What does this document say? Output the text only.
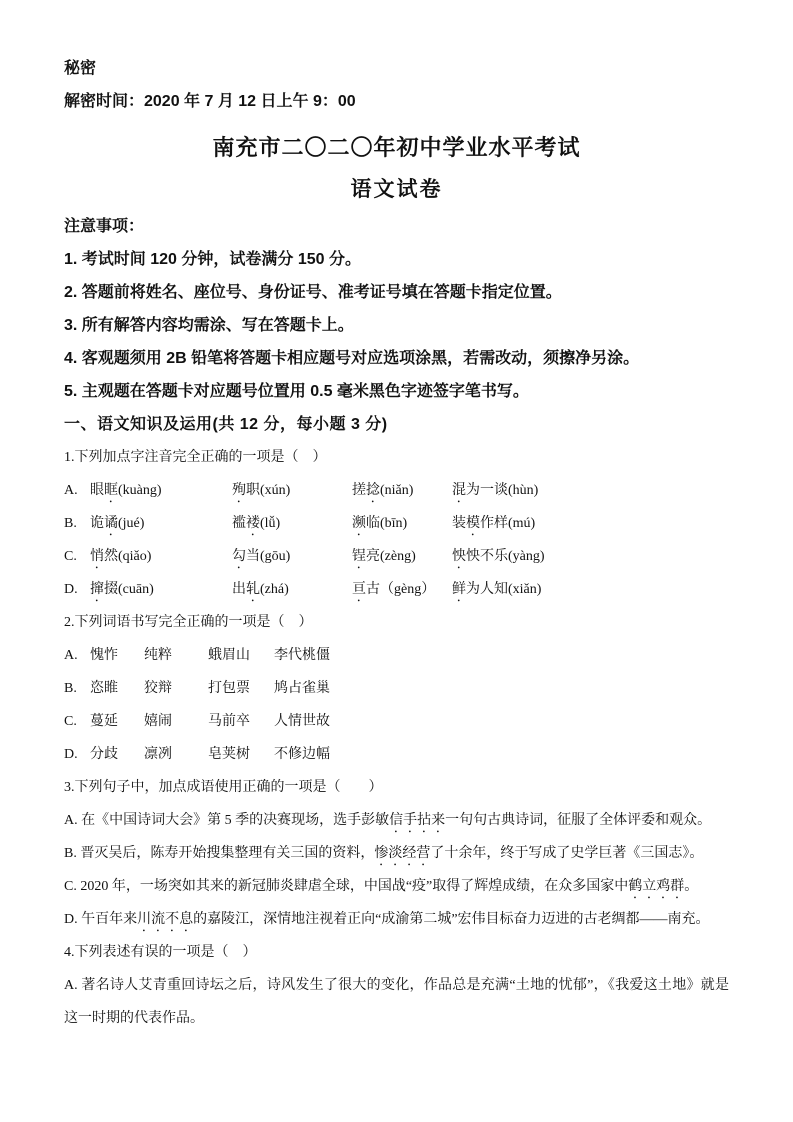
秘密
解密时间：2020 年 7 月 12 日上午 9：00
南充市二〇二〇年初中学业水平考试
语文试卷
注意事项：
1. 考试时间 120 分钟，试卷满分 150 分。
2. 答题前将姓名、座位号、身份证号、准考证号填在答题卡指定位置。
3. 所有解答内容均需涂、写在答题卡上。
4. 客观题须用 2B 铅笔将答题卡相应题号对应选项涂黑，若需改动，须擦净另涂。
5. 主观题在答题卡对应题号位置用 0.5 毫米黑色字迹签字笔书写。
一、语文知识及运用(共 12 分，每小题 3 分)
1.下列加点字注音完全正确的一项是（　）
A. 眼眶(kuàng)	殉职(xún)	搓捻(niǎn)	混为一谈(hùn)
B. 诡谲(jué)	褴褛(lǚ)	濒临(bīn)	装模作样(mú)
C. 悄然(qiǎo)	勾当(gōu)	锃亮(zèng)	怏怏不乐(yàng)
D. 撺掇(cuān)	出轧(zhá)	亘古（gèng）	鲜为人知(xiǎn)
2.下列词语书写完全正确的一项是（　）
A. 愧怍	纯粹	蛾眉山	李代桃僵
B. 恣睢	狡辩	打包票	鸠占雀巢
C. 蔓延	嬉闹	马前卒	人情世故
D. 分歧	凛冽	皂荚树	不修边幅
3.下列句子中，加点成语使用正确的一项是（　　）
A. 在《中国诗词大会》第 5 季的决赛现场，选手彭敏信手拈来一句句古典诗词，征服了全体评委和观众。
B. 晋灭吴后，陈寿开始搜集整理有关三国的资料，惨淡经营了十余年，终于写成了史学巨著《三国志》。
C. 2020 年，一场突如其来的新冠肺炎肆虐全球，中国战“疫”取得了辉煌成绩，在众多国家中鹤立鸡群。
D. 午百年来川流不息的嘉陵江，深情地注视着正向“成渝第二城”宏伟目标奋力迈进的古老绸都——南充。
4.下列表述有误的一项是（　）
A. 著名诗人艾青重回诗坛之后，诗风发生了很大的变化，作品总是充满“土地的忧郁”，《我爱这土地》就是这一时期的代表作品。
